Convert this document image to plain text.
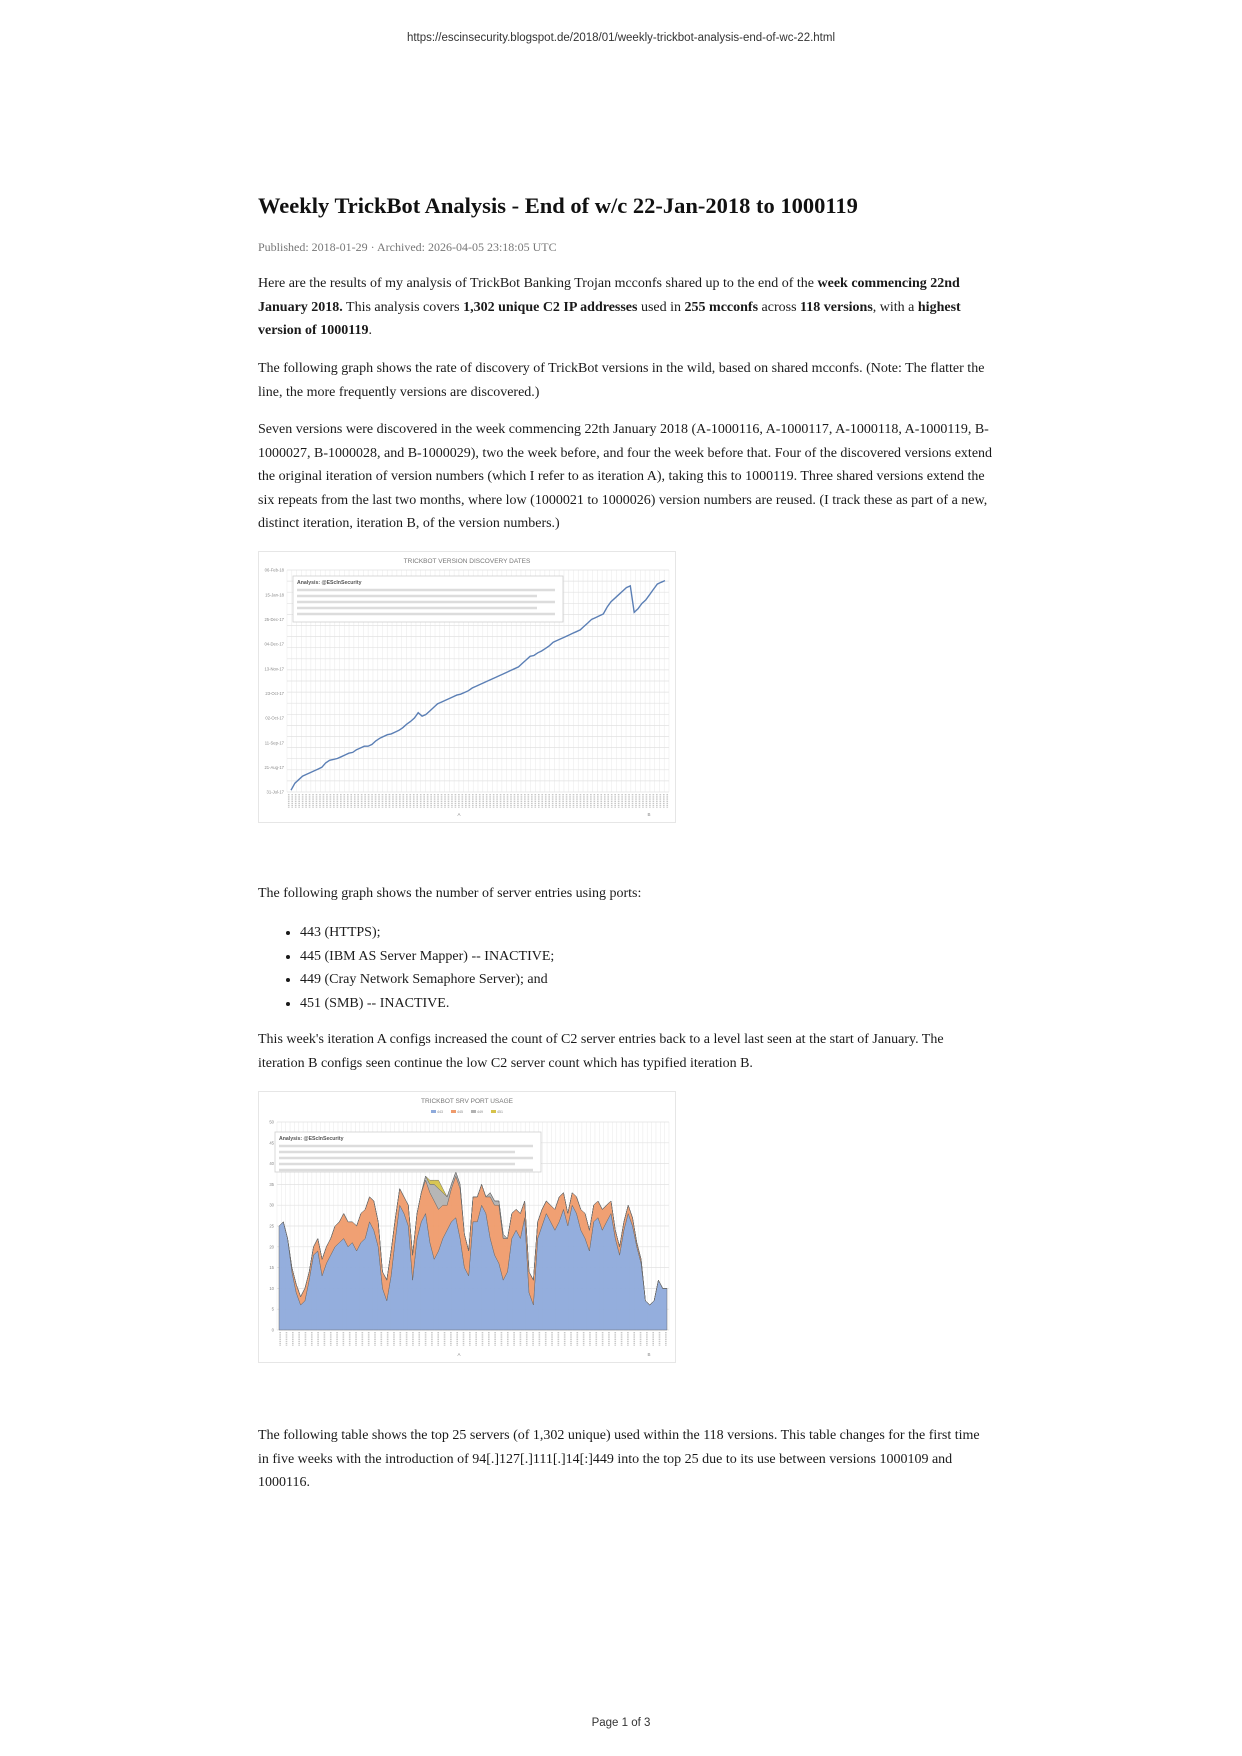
https://escinsecurity.blogspot.de/2018/01/weekly-trickbot-analysis-end-of-wc-22.html
Weekly TrickBot Analysis - End of w/c 22-Jan-2018 to 1000119

Published: 2018-01-29 · Archived: 2026-04-05 23:18:05 UTC

Here are the results of my analysis of TrickBot Banking Trojan mcconfs shared up to the end of the week commencing 22nd January 2018. This analysis covers 1,302 unique C2 IP addresses used in 255 mcconfs across 118 versions, with a highest version of 1000119.

The following graph shows the rate of discovery of TrickBot versions in the wild, based on shared mcconfs. (Note: The flatter the line, the more frequently versions are discovered.)

Seven versions were discovered in the week commencing 22th January 2018 (A-1000116, A-1000117, A-1000118, A-1000119, B-1000027, B-1000028, and B-1000029), two the week before, and four the week before that. Four of the discovered versions extend the original iteration of version numbers (which I refer to as iteration A), taking this to 1000119. Three shared versions extend the six repeats from the last two months, where low (1000021 to 1000026) version numbers are reused. (I track these as part of a new, distinct iteration, iteration B, of the version numbers.)

TRICKBOT VERSION DISCOVERY DATES
06-Feb-18
15-Jan-18
25-Dec-17
04-Dec-17
13-Nov-17
23-Oct-17
02-Oct-17
11-Sep-17
21-Aug-17
31-Jul-17
Analysis: @EScInSecurity
A	B

The following graph shows the number of server entries using ports:

• 443 (HTTPS);
• 445 (IBM AS Server Mapper) -- INACTIVE;
• 449 (Cray Network Semaphore Server); and
• 451 (SMB) -- INACTIVE.

This week's iteration A configs increased the count of C2 server entries back to a level last seen at the start of January. The iteration B configs seen continue the low C2 server count which has typified iteration B.

TRICKBOT SRV PORT USAGE
443	445	449	451
0
5
10
15
20
25
30
35
40
45
50
Analysis: @EScInSecurity
A	B

The following table shows the top 25 servers (of 1,302 unique) used within the 118 versions. This table changes for the first time in five weeks with the introduction of 94[.]127[.]111[.]14[:]449 into the top 25 due to its use between versions 1000109 and 1000116.

Page 1 of 3
